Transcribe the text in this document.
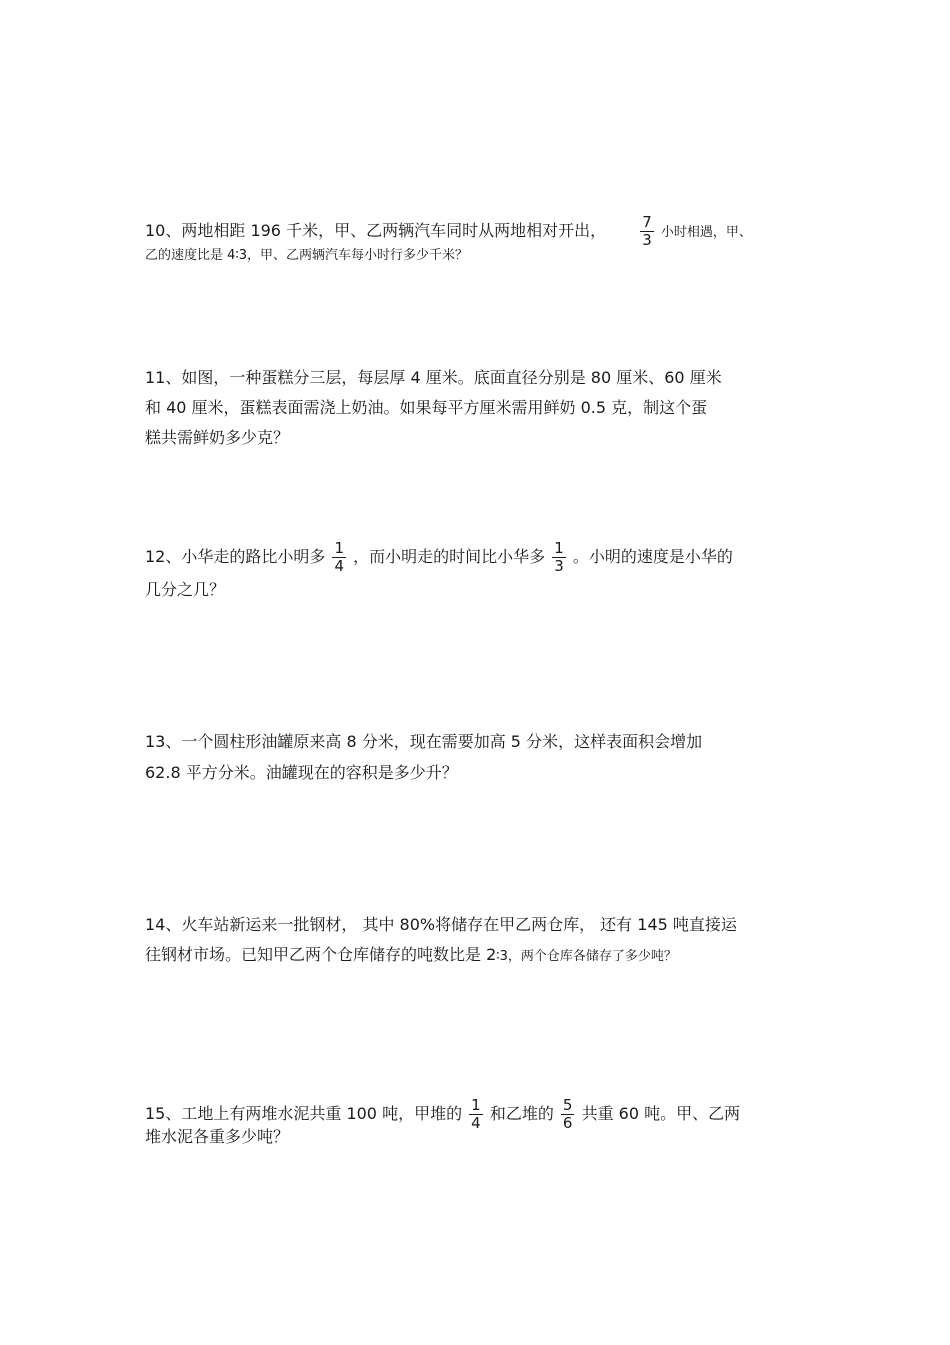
10、两地相距 196 千米，甲、乙两辆汽车同时从两地相对开出， $\frac{7}{3}$ 小时相遇，甲、
乙的速度比是 4∶3，甲、乙两辆汽车每小时行多少千米？
11、如图，一种蛋糕分三层，每层厚 4 厘米。底面直径分别是 80 厘米、60 厘米
和 40 厘米，蛋糕表面需浇上奶油。如果每平方厘米需用鲜奶 0.5 克，制这个蛋
糕共需鲜奶多少克？
12、小华走的路比小明多 $\frac{1}{4}$ ，而小明走的时间比小华多 $\frac{1}{3}$ 。小明的速度是小华的
几分之几？
13、一个圆柱形油罐原来高 8 分米，现在需要加高 5 分米，这样表面积会增加
62.8 平方分米。油罐现在的容积是多少升？
14、火车站新运来一批钢材， 其中 80%将储存在甲乙两仓库， 还有 145 吨直接运
往钢材市场。已知甲乙两个仓库储存的吨数比是 2∶3，两个仓库各储存了多少吨？
15、工地上有两堆水泥共重 100 吨，甲堆的 $\frac{1}{4}$ 和乙堆的 $\frac{5}{6}$ 共重 60 吨。甲、乙两
堆水泥各重多少吨？
